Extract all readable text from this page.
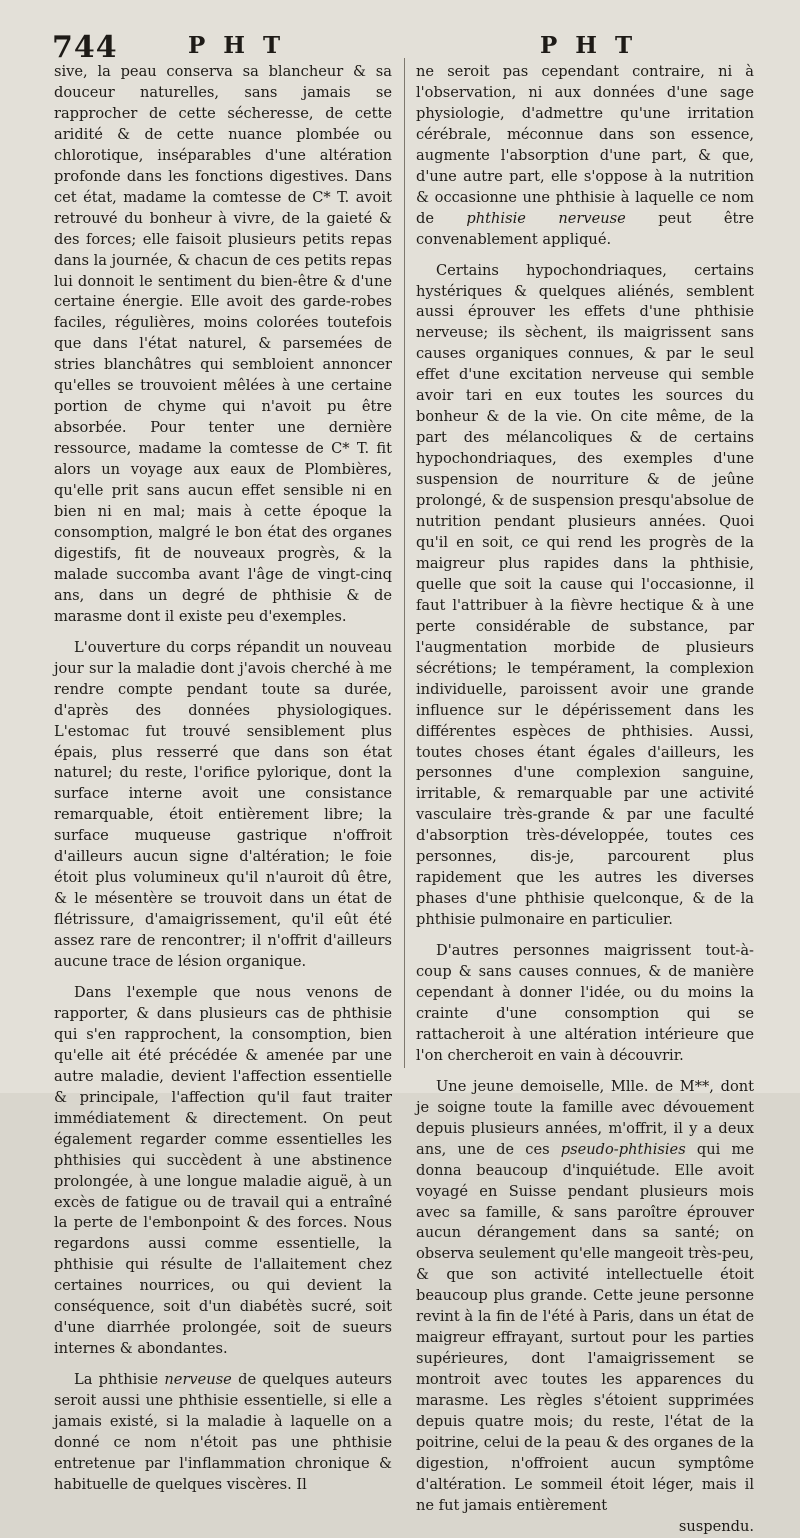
744	P H T	P H T

sive, la peau conserva sa blancheur & sa douceur naturelles, sans jamais se rapprocher de cette sécheresse, de cette aridité & de cette nuance plombée ou chlorotique, inséparables d'une altération profonde dans les fonctions digestives. Dans cet état, madame la comtesse de C* T. avoit retrouvé du bonheur à vivre, de la gaieté & des forces; elle faisoit plusieurs petits repas dans la journée, & chacun de ces petits repas lui donnoit le sentiment du bien-être & d'une certaine énergie. Elle avoit des garde-robes faciles, régulières, moins colorées toutefois que dans l'état naturel, & parsemées de stries blanchâtres qui sembloient annoncer qu'elles se trouvoient mêlées à une certaine portion de chyme qui n'avoit pu être absorbée. Pour tenter une dernière ressource, madame la comtesse de C* T. fit alors un voyage aux eaux de Plombières, qu'elle prit sans aucun effet sensible ni en bien ni en mal; mais à cette époque la consomption, malgré le bon état des organes digestifs, fit de nouveaux progrès, & la malade succomba avant l'âge de vingt-cinq ans, dans un degré de phthisie & de marasme dont il existe peu d'exemples.

L'ouverture du corps répandit un nouveau jour sur la maladie dont j'avois cherché à me rendre compte pendant toute sa durée, d'après des données physiologiques. L'estomac fut trouvé sensiblement plus épais, plus resserré que dans son état naturel; du reste, l'orifice pylorique, dont la surface interne avoit une consistance remarquable, étoit entièrement libre; la surface muqueuse gastrique n'offroit d'ailleurs aucun signe d'altération; le foie étoit plus volumineux qu'il n'auroit dû être, & le mésentère se trouvoit dans un état de flétrissure, d'amaigrissement, qu'il eût été assez rare de rencontrer; il n'offrit d'ailleurs aucune trace de lésion organique.

Dans l'exemple que nous venons de rapporter, & dans plusieurs cas de phthisie qui s'en rapprochent, la consomption, bien qu'elle ait été précédée & amenée par une autre maladie, devient l'affection essentielle & principale, l'affection qu'il faut traiter immédiatement & directement. On peut également regarder comme essentielles les phthisies qui succèdent à une abstinence prolongée, à une longue maladie aiguë, à un excès de fatigue ou de travail qui a entraîné la perte de l'embonpoint & des forces. Nous regardons aussi comme essentielle, la phthisie qui résulte de l'allaitement chez certaines nourrices, ou qui devient la conséquence, soit d'un diabétès sucré, soit d'une diarrhée prolongée, soit de sueurs internes & abondantes.

La phthisie nerveuse de quelques auteurs seroit aussi une phthisie essentielle, si elle a jamais existé, si la maladie à laquelle on a donné ce nom n'étoit pas une phthisie entretenue par l'inflammation chronique & habituelle de quelques viscères. Il

ne seroit pas cependant contraire, ni à l'observation, ni aux données d'une sage physiologie, d'admettre qu'une irritation cérébrale, méconnue dans son essence, augmente l'absorption d'une part, & que, d'une autre part, elle s'oppose à la nutrition & occasionne une phthisie à laquelle ce nom de phthisie nerveuse peut être convenablement appliqué.

Certains hypochondriaques, certains hystériques & quelques aliénés, semblent aussi éprouver les effets d'une phthisie nerveuse; ils sèchent, ils maigrissent sans causes organiques connues, & par le seul effet d'une excitation nerveuse qui semble avoir tari en eux toutes les sources du bonheur & de la vie. On cite même, de la part des mélancoliques & de certains hypochondriaques, des exemples d'une suspension de nourriture & de jeûne prolongé, & de suspension presqu'absolue de nutrition pendant plusieurs années. Quoi qu'il en soit, ce qui rend les progrès de la maigreur plus rapides dans la phthisie, quelle que soit la cause qui l'occasionne, il faut l'attribuer à la fièvre hectique & à une perte considérable de substance, par l'augmentation morbide de plusieurs sécrétions; le tempérament, la complexion individuelle, paroissent avoir une grande influence sur le dépérissement dans les différentes espèces de phthisies. Aussi, toutes choses étant égales d'ailleurs, les personnes d'une complexion sanguine, irritable, & remarquable par une activité vasculaire très-grande & par une faculté d'absorption très-développée, toutes ces personnes, dis-je, parcourent plus rapidement que les autres les diverses phases d'une phthisie quelconque, & de la phthisie pulmonaire en particulier.

D'autres personnes maigrissent tout-à-coup & sans causes connues, & de manière cependant à donner l'idée, ou du moins la crainte d'une consomption qui se rattacheroit à une altération intérieure que l'on chercheroit en vain à découvrir.

Une jeune demoiselle, Mlle. de M**, dont je soigne toute la famille avec dévouement depuis plusieurs années, m'offrit, il y a deux ans, une de ces pseudo-phthisies qui me donna beaucoup d'inquiétude. Elle avoit voyagé en Suisse pendant plusieurs mois avec sa famille, & sans paroître éprouver aucun dérangement dans sa santé; on observa seulement qu'elle mangeoit très-peu, & que son activité intellectuelle étoit beaucoup plus grande. Cette jeune personne revint à la fin de l'été à Paris, dans un état de maigreur effrayant, surtout pour les parties supérieures, dont l'amaigrissement se montroit avec toutes les apparences du marasme. Les règles s'étoient supprimées depuis quatre mois; du reste, l'état de la poitrine, celui de la peau & des organes de la digestion, n'offroient aucun symptôme d'altération. Le sommeil étoit léger, mais il ne fut jamais entièrement

suspendu.
